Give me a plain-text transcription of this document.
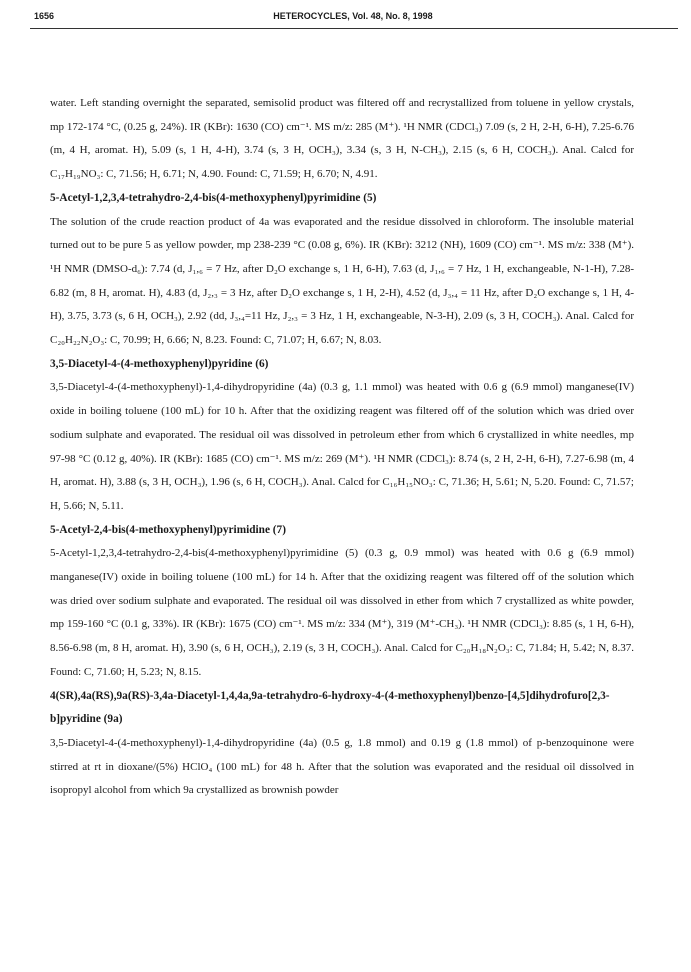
1656	HETEROCYCLES, Vol. 48, No. 8, 1998

water. Left standing overnight the separated, semisolid product was filtered off and recrystallized from toluene in yellow crystals, mp 172-174 °C, (0.25 g, 24%). IR (KBr): 1630 (CO) cm⁻¹. MS m/z: 285 (M⁺). ¹H NMR (CDCl₃) 7.09 (s, 2 H, 2-H, 6-H), 7.25-6.76 (m, 4 H, aromat. H), 5.09 (s, 1 H, 4-H), 3.74 (s, 3 H, OCH₃), 3.34 (s, 3 H, N-CH₃), 2.15 (s, 6 H, COCH₃). Anal. Calcd for C₁₇H₁₉NO₃: C, 71.56; H, 6.71; N, 4.90. Found: C, 71.59; H, 6.70; N, 4.91.

5-Acetyl-1,2,3,4-tetrahydro-2,4-bis(4-methoxyphenyl)pyrimidine (5)

The solution of the crude reaction product of 4a was evaporated and the residue dissolved in chloroform. The insoluble material turned out to be pure 5 as yellow powder, mp 238-239 °C (0.08 g, 6%). IR (KBr): 3212 (NH), 1609 (CO) cm⁻¹. MS m/z: 338 (M⁺). ¹H NMR (DMSO-d₆): 7.74 (d, J₁,₆ = 7 Hz, after D₂O exchange s, 1 H, 6-H), 7.63 (d, J₁,₆ = 7 Hz, 1 H, exchangeable, N-1-H), 7.28-6.82 (m, 8 H, aromat. H), 4.83 (d, J₂,₃ = 3 Hz, after D₂O exchange s, 1 H, 2-H), 4.52 (d, J₃,₄ = 11 Hz, after D₂O exchange s, 1 H, 4-H), 3.75, 3.73 (s, 6 H, OCH₃), 2.92 (dd, J₃,₄=11 Hz, J₂,₃ = 3 Hz, 1 H, exchangeable, N-3-H), 2.09 (s, 3 H, COCH₃). Anal. Calcd for C₂₀H₂₂N₂O₃: C, 70.99; H, 6.66; N, 8.23. Found: C, 71.07; H, 6.67; N, 8.03.

3,5-Diacetyl-4-(4-methoxyphenyl)pyridine (6)

3,5-Diacetyl-4-(4-methoxyphenyl)-1,4-dihydropyridine (4a) (0.3 g, 1.1 mmol) was heated with 0.6 g (6.9 mmol) manganese(IV) oxide in boiling toluene (100 mL) for 10 h. After that the oxidizing reagent was filtered off of the solution which was dried over sodium sulphate and evaporated. The residual oil was dissolved in petroleum ether from which 6 crystallized in white needles, mp 97-98 °C (0.12 g, 40%). IR (KBr): 1685 (CO) cm⁻¹. MS m/z: 269 (M⁺). ¹H NMR (CDCl₃): 8.74 (s, 2 H, 2-H, 6-H), 7.27-6.98 (m, 4 H, aromat. H), 3.88 (s, 3 H, OCH₃), 1.96 (s, 6 H, COCH₃). Anal. Calcd for C₁₆H₁₅NO₃: C, 71.36; H, 5.61; N, 5.20. Found: C, 71.57; H, 5.66; N, 5.11.

5-Acetyl-2,4-bis(4-methoxyphenyl)pyrimidine (7)

5-Acetyl-1,2,3,4-tetrahydro-2,4-bis(4-methoxyphenyl)pyrimidine (5) (0.3 g, 0.9 mmol) was heated with 0.6 g (6.9 mmol) manganese(IV) oxide in boiling toluene (100 mL) for 14 h. After that the oxidizing reagent was filtered off of the solution which was dried over sodium sulphate and evaporated. The residual oil was dissolved in ether from which 7 crystallized as white powder, mp 159-160 °C (0.1 g, 33%). IR (KBr): 1675 (CO) cm⁻¹. MS m/z: 334 (M⁺), 319 (M⁺-CH₃). ¹H NMR (CDCl₃): 8.85 (s, 1 H, 6-H), 8.56-6.98 (m, 8 H, aromat. H), 3.90 (s, 6 H, OCH₃), 2.19 (s, 3 H, COCH₃). Anal. Calcd for C₂₀H₁₈N₂O₃: C, 71.84; H, 5.42; N, 8.37. Found: C, 71.60; H, 5.23; N, 8.15.

4(SR),4a(RS),9a(RS)-3,4a-Diacetyl-1,4,4a,9a-tetrahydro-6-hydroxy-4-(4-methoxyphenyl)benzo-[4,5]dihydrofuro[2,3-b]pyridine (9a)

3,5-Diacetyl-4-(4-methoxyphenyl)-1,4-dihydropyridine (4a) (0.5 g, 1.8 mmol) and 0.19 g (1.8 mmol) of p-benzoquinone were stirred at rt in dioxane/(5%) HClO₄ (100 mL) for 48 h. After that the solution was evaporated and the residual oil dissolved in isopropyl alcohol from which 9a crystallized as brownish powder
